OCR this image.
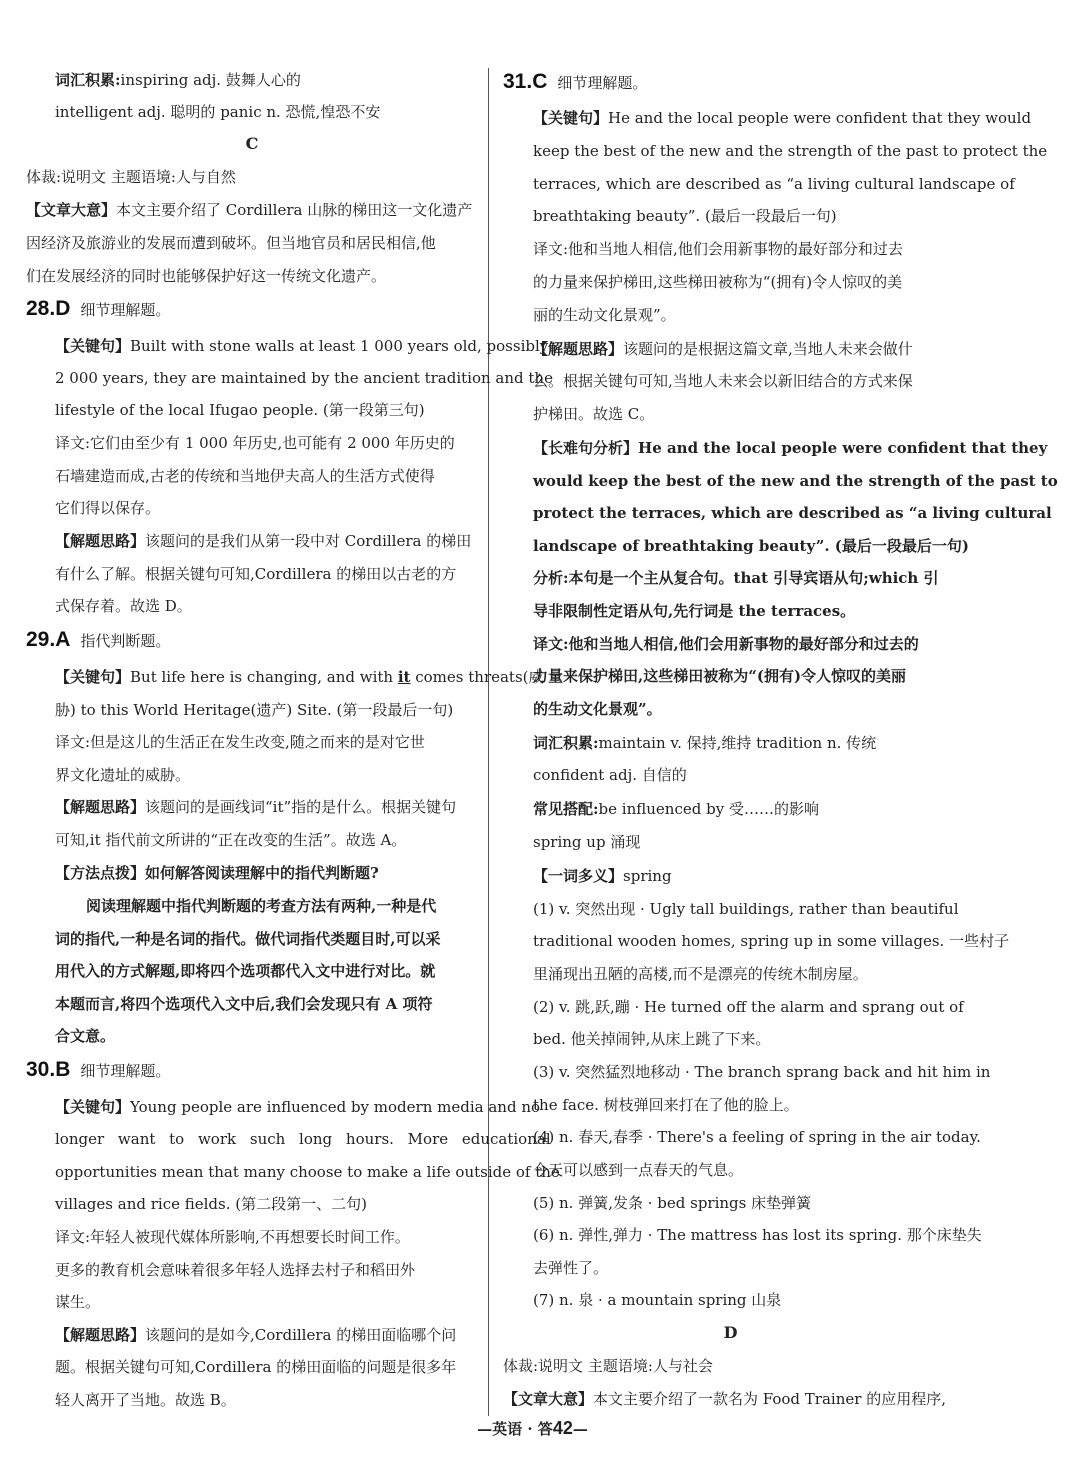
词汇积累:inspiring adj. 鼓舞人心的
intelligent adj. 聪明的 panic n. 恐慌,惶恐不安
C
体裁:说明文 主题语境:人与自然
【文章大意】本文主要介绍了 Cordillera 山脉的梯田这一文化遗产
因经济及旅游业的发展而遭到破坏。但当地官员和居民相信,他
们在发展经济的同时也能够保护好这一传统文化遗产。
28.D 细节理解题。
【关键句】Built with stone walls at least 1 000 years old, possibly
2 000 years, they are maintained by the ancient tradition and the
lifestyle of the local Ifugao people. (第一段第三句)
译文:它们由至少有 1 000 年历史,也可能有 2 000 年历史的
石墙建造而成,古老的传统和当地伊夫高人的生活方式使得
它们得以保存。
【解题思路】该题问的是我们从第一段中对 Cordillera 的梯田
有什么了解。根据关键句可知,Cordillera 的梯田以古老的方
式保存着。故选 D。
29.A 指代判断题。
【关键句】But life here is changing, and with it comes threats(威
胁) to this World Heritage(遗产) Site. (第一段最后一句)
译文:但是这儿的生活正在发生改变,随之而来的是对它世
界文化遗址的威胁。
【解题思路】该题问的是画线词“it”指的是什么。根据关键句
可知,it 指代前文所讲的“正在改变的生活”。故选 A。
【方法点拨】如何解答阅读理解中的指代判断题?
阅读理解题中指代判断题的考查方法有两种,一种是代
词的指代,一种是名词的指代。做代词指代类题目时,可以采
用代入的方式解题,即将四个选项都代入文中进行对比。就
本题而言,将四个选项代入文中后,我们会发现只有 A 项符
合文意。
30.B 细节理解题。
【关键句】Young people are influenced by modern media and no
longer want to work such long hours. More educational
opportunities mean that many choose to make a life outside of the
villages and rice fields. (第二段第一、二句)
译文:年轻人被现代媒体所影响,不再想要长时间工作。
更多的教育机会意味着很多年轻人选择去村子和稻田外
谋生。
【解题思路】该题问的是如今,Cordillera 的梯田面临哪个问
题。根据关键句可知,Cordillera 的梯田面临的问题是很多年
轻人离开了当地。故选 B。
31.C 细节理解题。
【关键句】He and the local people were confident that they would
keep the best of the new and the strength of the past to protect the
terraces, which are described as “a living cultural landscape of
breathtaking beauty”. (最后一段最后一句)
译文:他和当地人相信,他们会用新事物的最好部分和过去
的力量来保护梯田,这些梯田被称为“(拥有)令人惊叹的美
丽的生动文化景观”。
【解题思路】该题问的是根据这篇文章,当地人未来会做什
么。根据关键句可知,当地人未来会以新旧结合的方式来保
护梯田。故选 C。
【长难句分析】He and the local people were confident that they
would keep the best of the new and the strength of the past to
protect the terraces, which are described as “a living cultural
landscape of breathtaking beauty”. (最后一段最后一句)
分析:本句是一个主从复合句。that 引导宾语从句;which 引
导非限制性定语从句,先行词是 the terraces。
译文:他和当地人相信,他们会用新事物的最好部分和过去的
力量来保护梯田,这些梯田被称为“(拥有)令人惊叹的美丽
的生动文化景观”。
词汇积累:maintain v. 保持,维持 tradition n. 传统
confident adj. 自信的
常见搭配:be influenced by 受……的影响
spring up 涌现
【一词多义】spring
(1) v. 突然出现 · Ugly tall buildings, rather than beautiful
traditional wooden homes, spring up in some villages. 一些村子
里涌现出丑陋的高楼,而不是漂亮的传统木制房屋。
(2) v. 跳,跃,蹦 · He turned off the alarm and sprang out of
bed. 他关掉闹钟,从床上跳了下来。
(3) v. 突然猛烈地移动 · The branch sprang back and hit him in
the face. 树枝弹回来打在了他的脸上。
(4) n. 春天,春季 · There's a feeling of spring in the air today.
今天可以感到一点春天的气息。
(5) n. 弹簧,发条 · bed springs 床垫弹簧
(6) n. 弹性,弹力 · The mattress has lost its spring. 那个床垫失
去弹性了。
(7) n. 泉 · a mountain spring 山泉
D
体裁:说明文 主题语境:人与社会
【文章大意】本文主要介绍了一款名为 Food Trainer 的应用程序,
—英语 · 答42—
